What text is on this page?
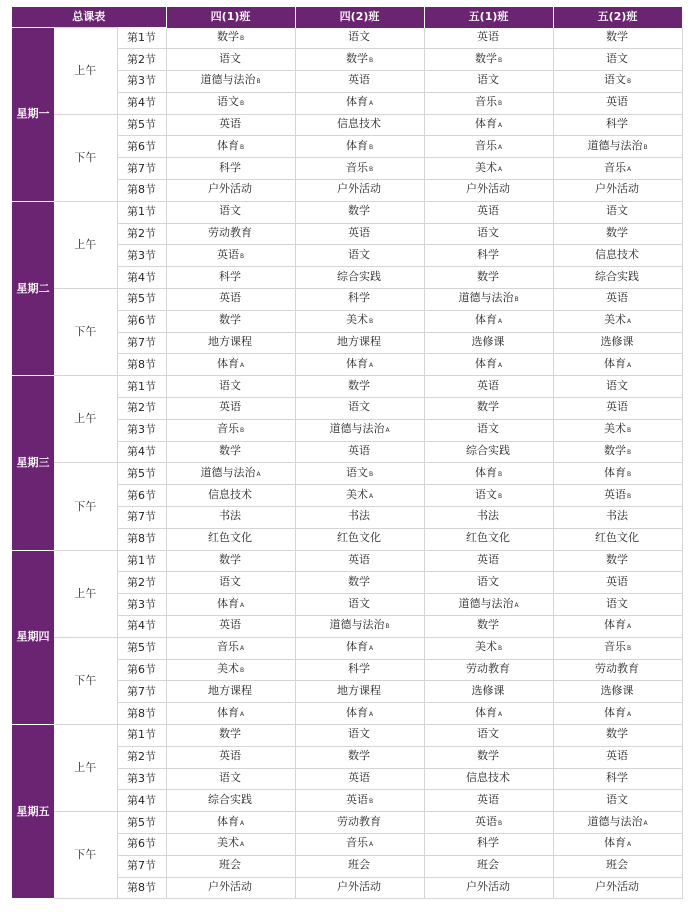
总课表			四(1)班	四(2)班	五(1)班	五(2)班
星期一	上午	第1节	数学B	语文	英语	数学
		第2节	语文	数学B	数学B	语文
		第3节	道德与法治B	英语	语文	语文B
		第4节	语文B	体育A	音乐B	英语
	下午	第5节	英语	信息技术	体育A	科学
		第6节	体育B	体育B	音乐A	道德与法治B
		第7节	科学	音乐B	美术A	音乐A
		第8节	户外活动	户外活动	户外活动	户外活动
星期二	上午	第1节	语文	数学	英语	语文
		第2节	劳动教育	英语	语文	数学
		第3节	英语B	语文	科学	信息技术
		第4节	科学	综合实践	数学	综合实践
	下午	第5节	英语	科学	道德与法治B	英语
		第6节	数学	美术B	体育A	美术A
		第7节	地方课程	地方课程	选修课	选修课
		第8节	体育A	体育A	体育A	体育A
星期三	上午	第1节	语文	数学	英语	语文
		第2节	英语	语文	数学	英语
		第3节	音乐B	道德与法治A	语文	美术B
		第4节	数学	英语	综合实践	数学B
	下午	第5节	道德与法治A	语文B	体育B	体育B
		第6节	信息技术	美术A	语文B	英语B
		第7节	书法	书法	书法	书法
		第8节	红色文化	红色文化	红色文化	红色文化
星期四	上午	第1节	数学	英语	英语	数学
		第2节	语文	数学	语文	英语
		第3节	体育A	语文	道德与法治A	语文
		第4节	英语	道德与法治B	数学	体育A
	下午	第5节	音乐A	体育A	美术B	音乐B
		第6节	美术B	科学	劳动教育	劳动教育
		第7节	地方课程	地方课程	选修课	选修课
		第8节	体育A	体育A	体育A	体育A
星期五	上午	第1节	数学	语文	语文	数学
		第2节	英语	数学	数学	英语
		第3节	语文	英语	信息技术	科学
		第4节	综合实践	英语B	英语	语文
	下午	第5节	体育A	劳动教育	英语B	道德与法治A
		第6节	美术A	音乐A	科学	体育A
		第7节	班会	班会	班会	班会
		第8节	户外活动	户外活动	户外活动	户外活动
